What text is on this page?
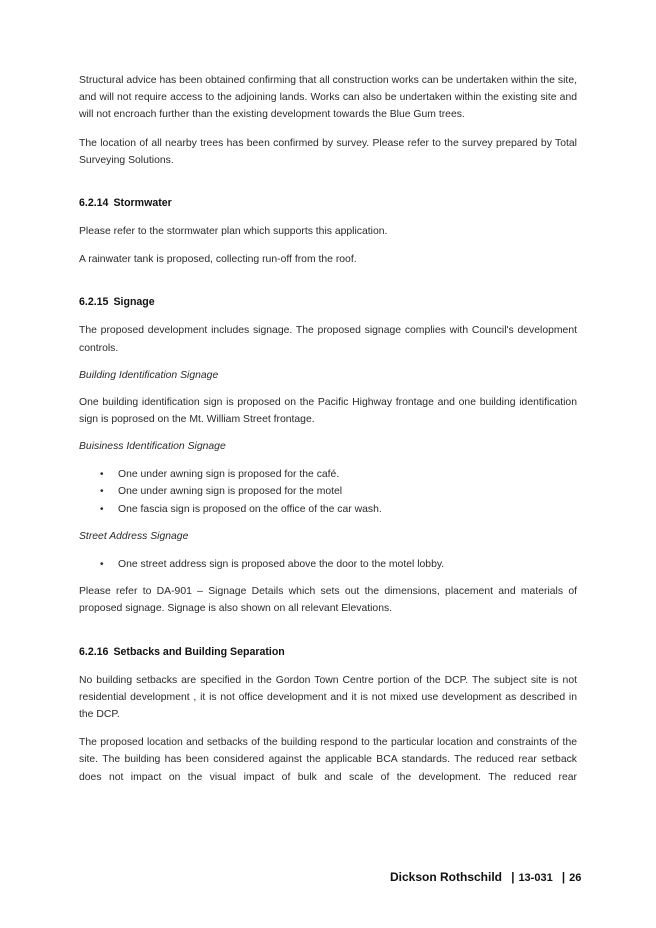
Structural advice has been obtained confirming that all construction works can be undertaken within the site, and will not require access to the adjoining lands. Works can also be undertaken within the existing site and will not encroach further than the existing development towards the Blue Gum trees.

The location of all nearby trees has been confirmed by survey. Please refer to the survey prepared by Total Surveying Solutions.

6.2.14 Stormwater

Please refer to the stormwater plan which supports this application.

A rainwater tank is proposed, collecting run-off from the roof.

6.2.15 Signage

The proposed development includes signage. The proposed signage complies with Council's development controls.

Building Identification Signage

One building identification sign is proposed on the Pacific Highway frontage and one building identification sign is poprosed on the Mt. William Street frontage.

Buisiness Identification Signage

• One under awning sign is proposed for the café.
• One under awning sign is proposed for the motel
• One fascia sign is proposed on the office of the car wash.

Street Address Signage

• One street address sign is proposed above the door to the motel lobby.

Please refer to DA-901 – Signage Details which sets out the dimensions, placement and materials of proposed signage. Signage is also shown on all relevant Elevations.

6.2.16 Setbacks and Building Separation

No building setbacks are specified in the Gordon Town Centre portion of the DCP. The subject site is not residential development , it is not office development and it is not mixed use development as described in the DCP.

The proposed location and setbacks of the building respond to the particular location and constraints of the site. The building has been considered against the applicable BCA standards. The reduced rear setback does not impact on the visual impact of bulk and scale of the development. The reduced rear

Dickson Rothschild | 13-031 | 26
